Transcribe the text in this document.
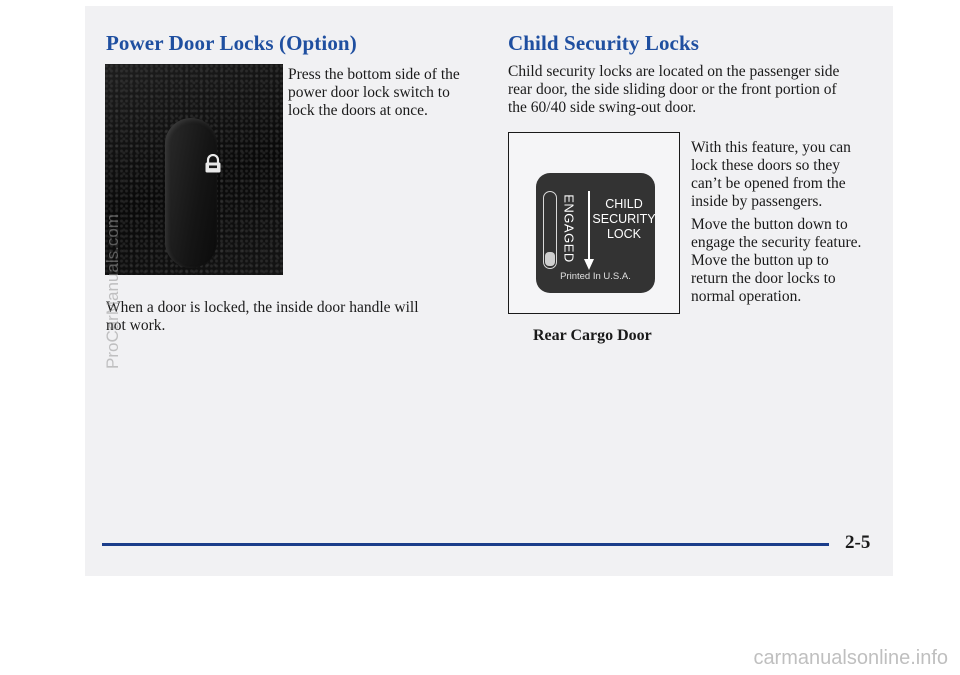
Power Door Locks (Option)
Press the bottom side of the
power door lock switch to
lock the doors at once.
When a door is locked, the inside door handle will
not work.
Child Security Locks
Child security locks are located on the passenger side
rear door, the side sliding door or the front portion of
the 60/40 side swing-out door.
ENGAGED	CHILD
SECURITY
LOCK
Printed In U.S.A.
With this feature, you can
lock these doors so they
can’t be opened from the
inside by passengers.
Move the button down to
engage the security feature.
Move the button up to
return the door locks to
normal operation.
Rear Cargo Door
2-5
ProCarManuals.com
carmanualsonline.info
